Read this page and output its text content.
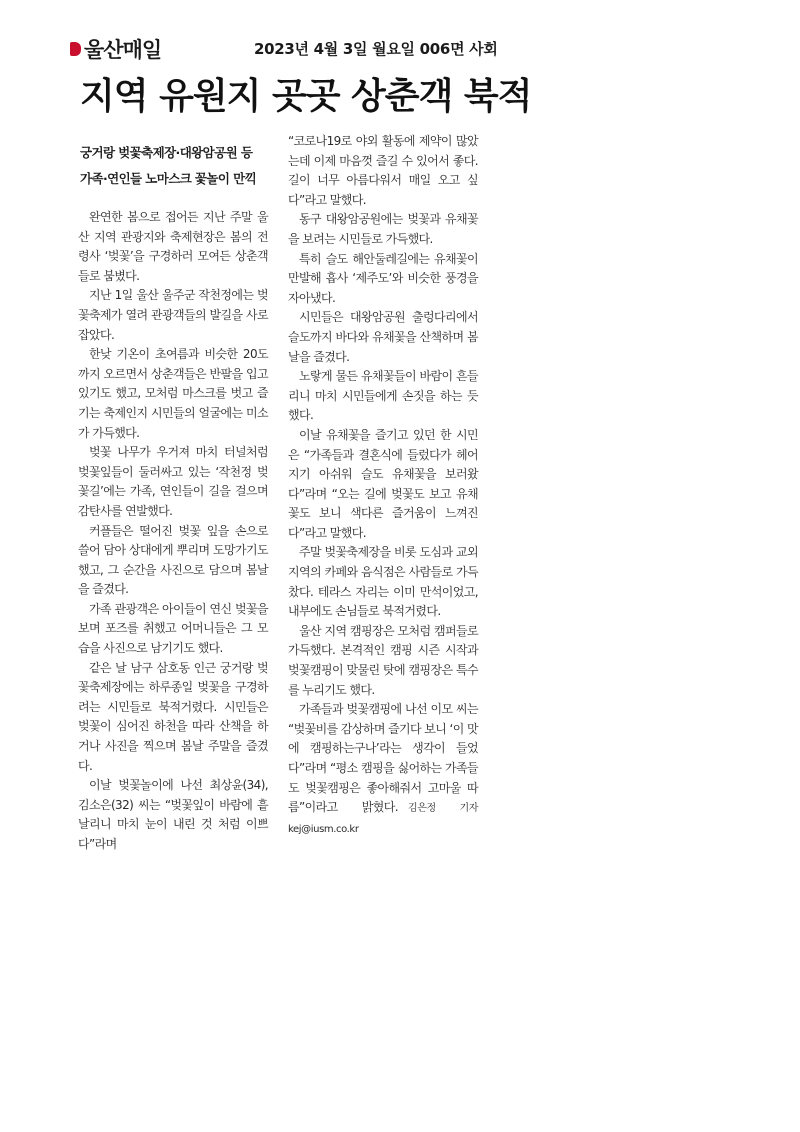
울산매일	2023년 4월 3일 월요일 006면 사회
지역 유원지 곳곳 상춘객 북적
궁거랑 벚꽃축제장·대왕암공원 등
가족·연인들 노마스크 꽃놀이 만끽

완연한 봄으로 접어든 지난 주말 울산 지역 관광지와 축제현장은 봄의 전령사 ‘벚꽃’을 구경하러 모여든 상춘객들로 붐볐다.

지난 1일 울산 울주군 작천정에는 벚꽃축제가 열려 관광객들의 발길을 사로잡았다.

한낮 기온이 초여름과 비슷한 20도까지 오르면서 상춘객들은 반팔을 입고 있기도 했고, 모처럼 마스크를 벗고 즐기는 축제인지 시민들의 얼굴에는 미소가 가득했다.

벚꽃 나무가 우거져 마치 터널처럼 벚꽃잎들이 둘러싸고 있는 ‘작천정 벚꽃길’에는 가족, 연인들이 길을 걸으며 감탄사를 연발했다.

커플들은 떨어진 벚꽃 잎을 손으로 쓸어 담아 상대에게 뿌리며 도망가기도 했고, 그 순간을 사진으로 담으며 봄날을 즐겼다.

가족 관광객은 아이들이 연신 벚꽃을 보며 포즈를 취했고 어머니들은 그 모습을 사진으로 남기기도 했다.

같은 날 남구 삼호동 인근 궁거랑 벚꽃축제장에는 하루종일 벚꽃을 구경하려는 시민들로 북적거렸다. 시민들은 벚꽃이 심어진 하천을 따라 산책을 하거나 사진을 찍으며 봄날 주말을 즐겼다.

이날 벚꽃놀이에 나선 최상윤(34), 김소은(32) 씨는 “벚꽃잎이 바람에 흩날리니 마치 눈이 내린 것 처럼 이쁘다”라며

“코로나19로 야외 활동에 제약이 많았는데 이제 마음껏 즐길 수 있어서 좋다. 길이 너무 아름다워서 매일 오고 싶다”라고 말했다.

동구 대왕암공원에는 벚꽃과 유채꽃을 보려는 시민들로 가득했다.

특히 슬도 해안둘레길에는 유채꽃이 만발해 흡사 ‘제주도’와 비슷한 풍경을 자아냈다.

시민들은 대왕암공원 출렁다리에서 슬도까지 바다와 유채꽃을 산책하며 봄날을 즐겼다.

노랗게 물든 유채꽃들이 바람이 흔들리니 마치 시민들에게 손짓을 하는 듯 했다.

이날 유채꽃을 즐기고 있던 한 시민은 “가족들과 결혼식에 들렀다가 헤어지기 아쉬워 슬도 유채꽃을 보러왔다”라며 “오는 길에 벚꽃도 보고 유채꽃도 보니 색다른 즐거움이 느껴진다”라고 말했다.

주말 벚꽃축제장을 비롯 도심과 교외지역의 카페와 음식점은 사람들로 가득찼다. 테라스 자리는 이미 만석이었고, 내부에도 손님들로 북적거렸다.

울산 지역 캠핑장은 모처럼 캠퍼들로 가득했다. 본격적인 캠핑 시즌 시작과 벚꽃캠핑이 맞물린 탓에 캠핑장은 특수를 누리기도 했다.

가족들과 벚꽃캠핑에 나선 이모 씨는 “벚꽃비를 감상하며 즐기다 보니 ‘이 맛에 캠핑하는구나’라는 생각이 들었다”라며 “평소 캠핑을 싫어하는 가족들도 벚꽃캠핑은 좋아해줘서 고마울 따름”이라고 밝혔다. 김은정 기자 kej@iusm.co.kr
